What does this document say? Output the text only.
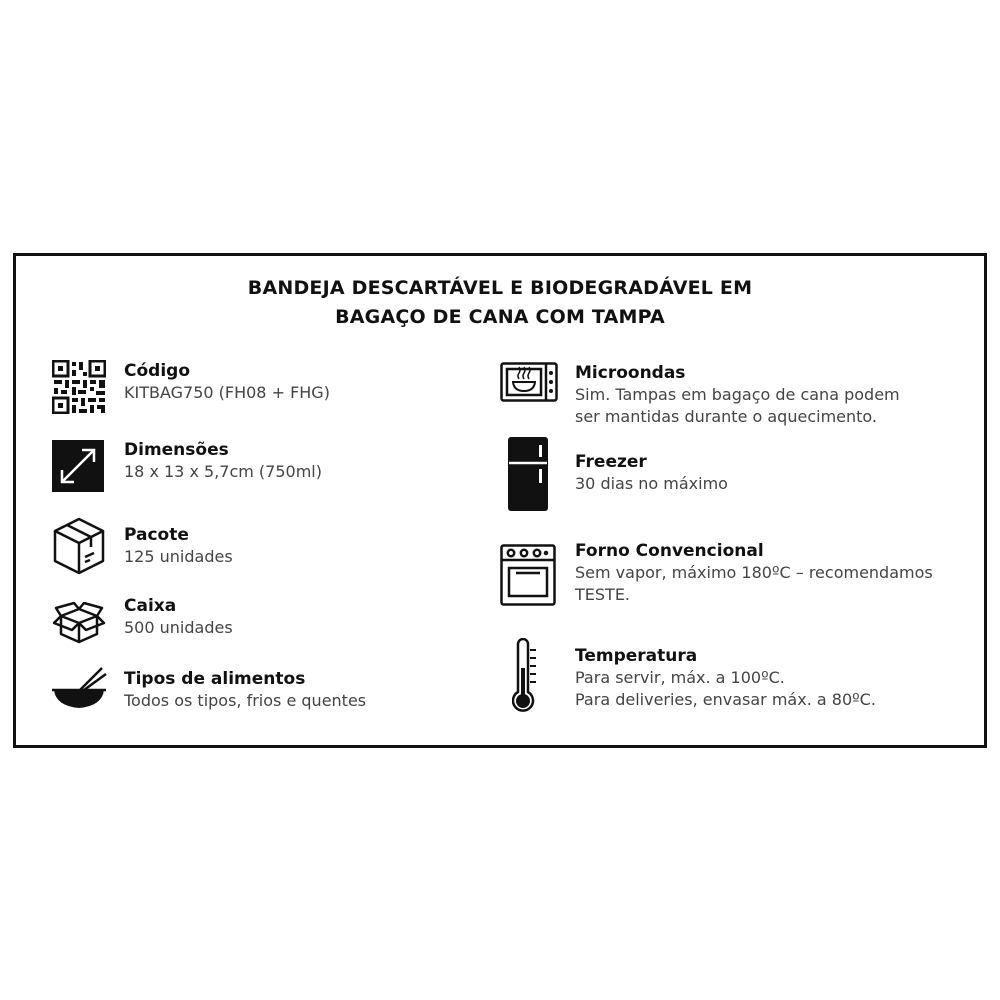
BANDEJA DESCARTÁVEL E BIODEGRADÁVEL EM
BAGAÇO DE CANA COM TAMPA
Código
KITBAG750 (FH08 + FHG)
Dimensões
18 x 13 x 5,7cm (750ml)
Pacote
125 unidades
Caixa
500 unidades
Tipos de alimentos
Todos os tipos, frios e quentes
Microondas
Sim. Tampas em bagaço de cana podem
ser mantidas durante o aquecimento.
Freezer
30 dias no máximo
Forno Convencional
Sem vapor, máximo 180ºC – recomendamos
TESTE.
Temperatura
Para servir, máx. a 100ºC.
Para deliveries, envasar máx. a 80ºC.
